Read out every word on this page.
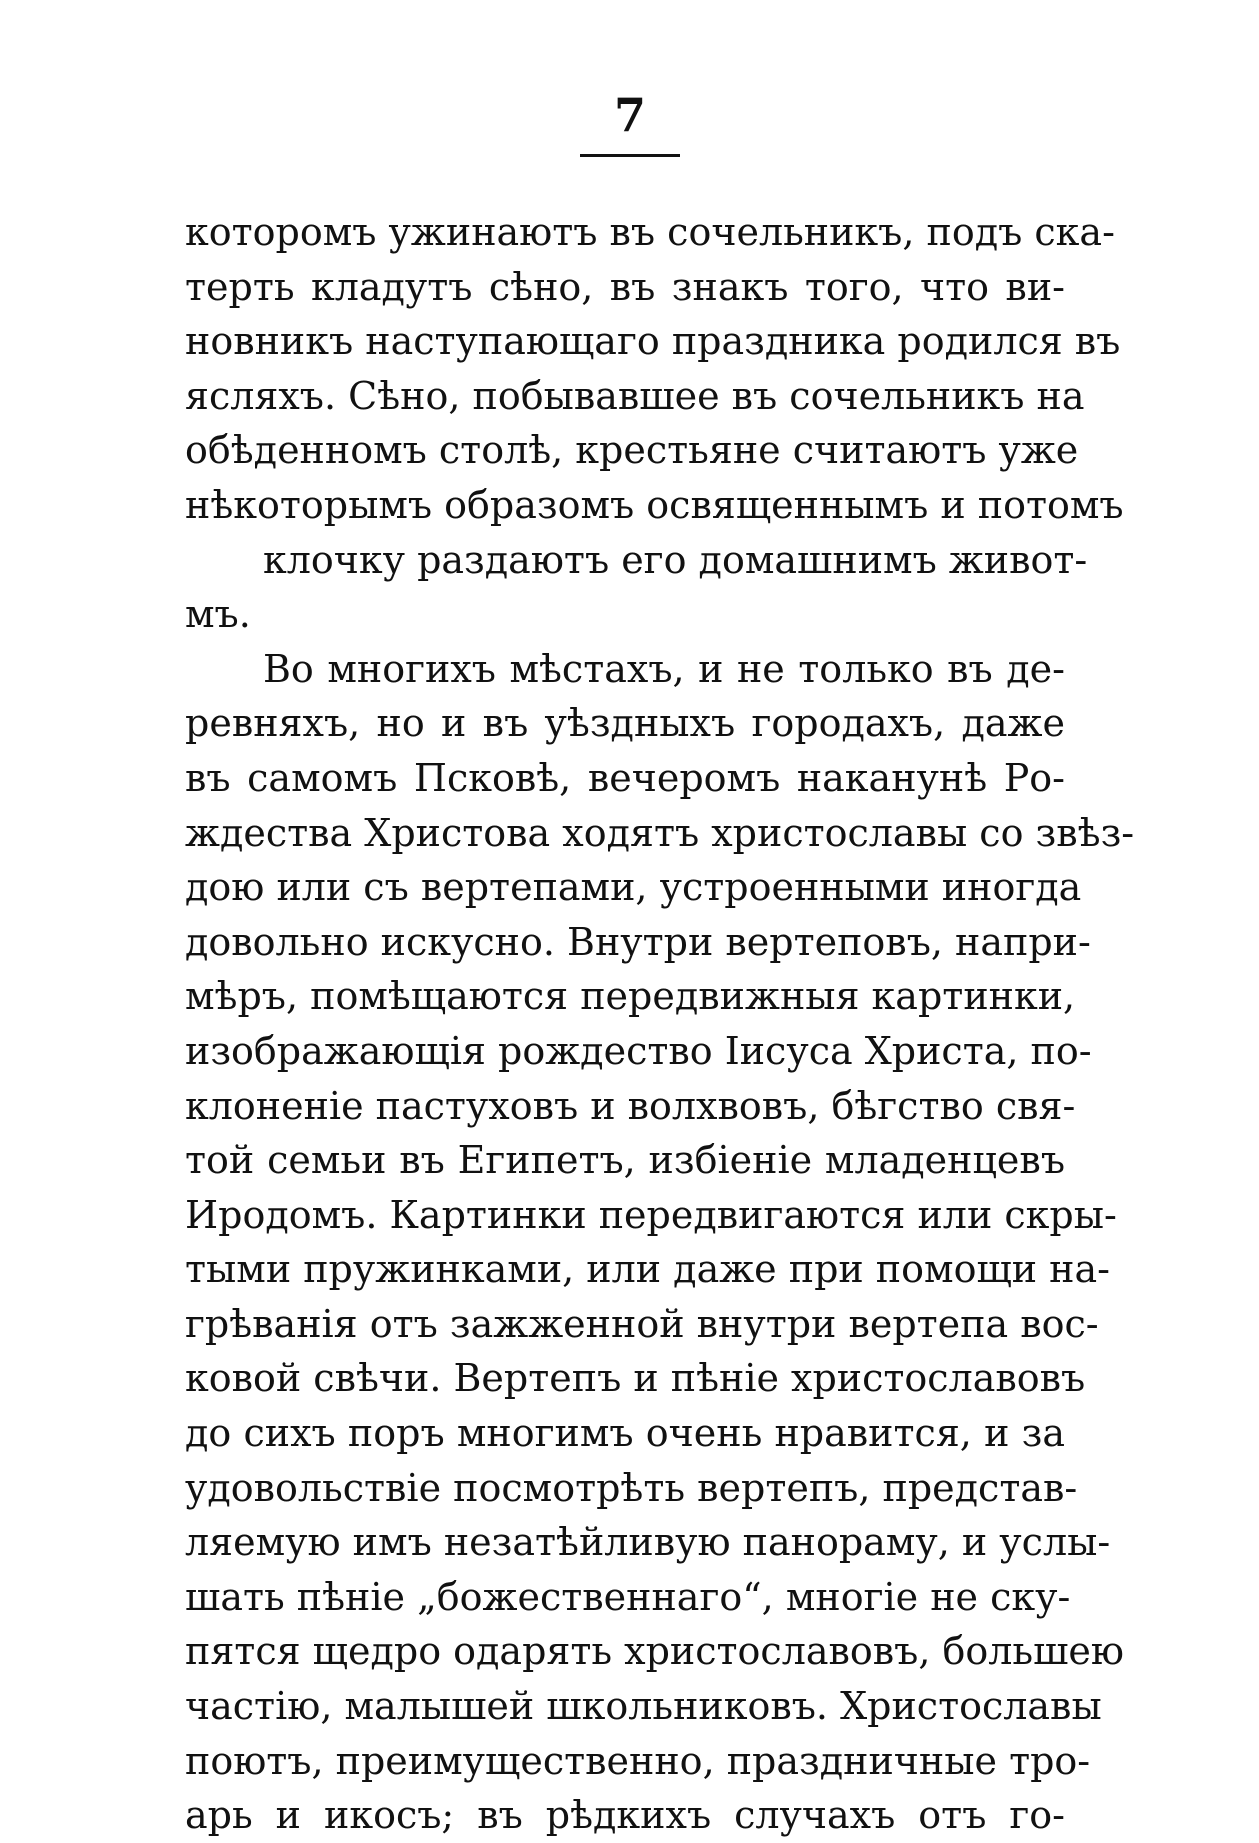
7
которомъ ужинаютъ въ сочельникъ, подъ ска-
терть кладутъ сѣно, въ знакъ того, что ви-
новникъ наступающаго праздника родился въ
ясляхъ. Сѣно, побывавшее въ сочельникъ на
обѣденномъ столѣ, крестьяне считаютъ уже
нѣкоторымъ образомъ освященнымъ и потомъ
клочку раздаютъ его домашнимъ живот-
мъ.
Во многихъ мѣстахъ, и не только въ де-
ревняхъ, но и въ уѣздныхъ городахъ, даже
въ самомъ Псковѣ, вечеромъ наканунѣ Ро-
ждества Христова ходятъ христославы со звѣз-
дою или съ вертепами, устроенными иногда
довольно искусно. Внутри вертеповъ, напри-
мѣръ, помѣщаются передвижныя картинки,
изображающія рождество Іисуса Христа, по-
клоненіе пастуховъ и волхвовъ, бѣгство свя-
той семьи въ Египетъ, избіеніе младенцевъ
Иродомъ. Картинки передвигаются или скры-
тыми пружинками, или даже при помощи на-
грѣванія отъ зажженной внутри вертепа вос-
ковой свѣчи. Вертепъ и пѣніе христославовъ
до сихъ поръ многимъ очень нравится, и за
удовольствіе посмотрѣть вертепъ, представ-
ляемую имъ незатѣйливую панораму, и услы-
шать пѣніе „божественнаго“, многіе не ску-
пятся щедро одарять христославовъ, большею
частію, малышей школьниковъ. Христославы
поютъ, преимущественно, праздничные тро-
арь и икосъ; въ рѣдкихъ случахъ отъ го-
